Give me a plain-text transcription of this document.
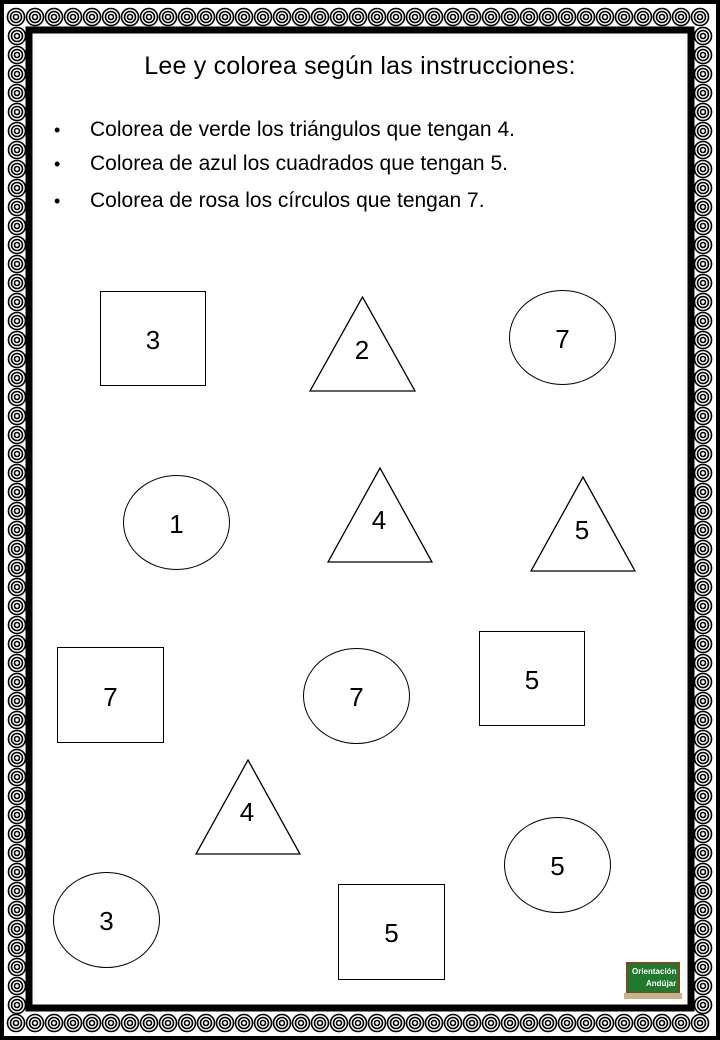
Lee y colorea según las instrucciones:
• Colorea de verde los triángulos que tengan 4.
• Colorea de azul los cuadrados que tengan 5.
• Colorea de rosa los círculos que tengan 7.
3	2	7
1	4	5
7	7
5
4
5
3	5
Orientación
Andújar
